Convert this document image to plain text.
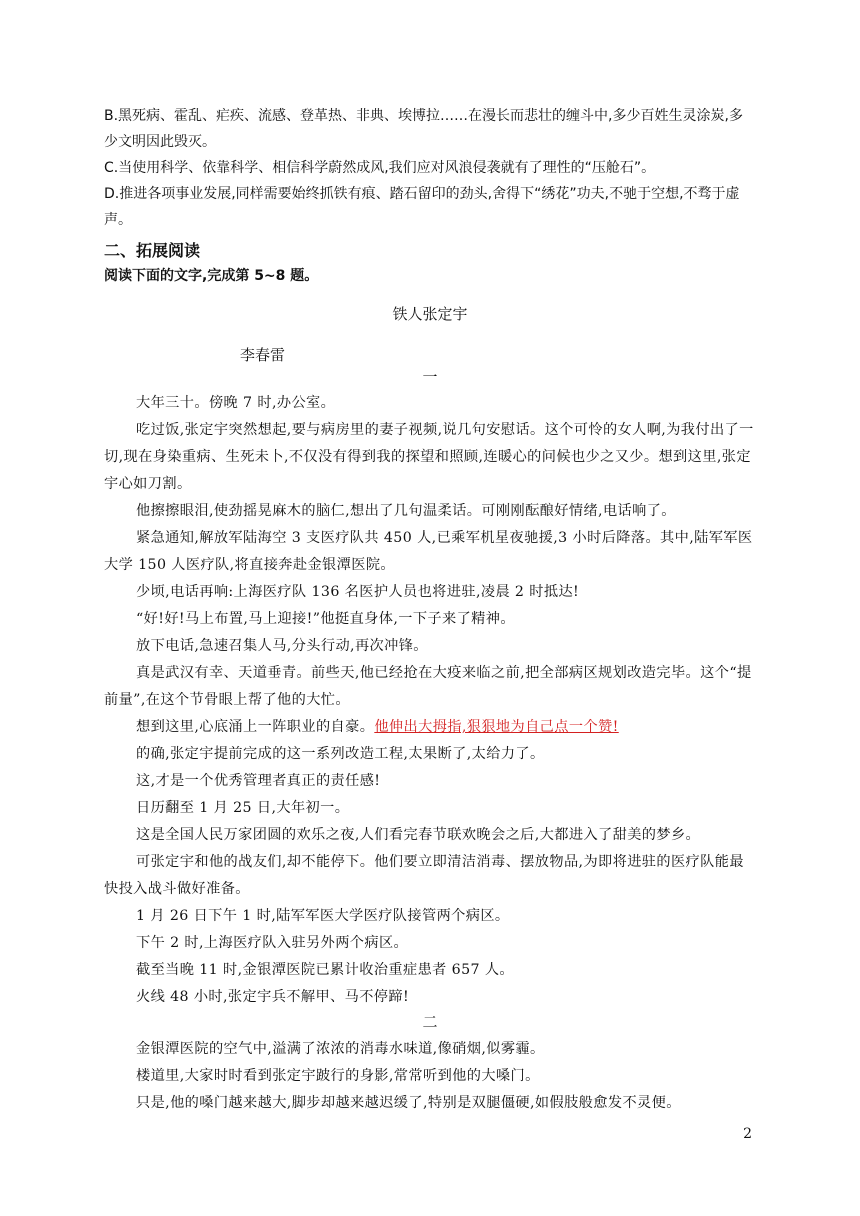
B.黑死病、霍乱、疟疾、流感、登革热、非典、埃博拉……在漫长而悲壮的缠斗中,多少百姓生灵涂炭,多少文明因此毁灭。
C.当使用科学、依靠科学、相信科学蔚然成风,我们应对风浪侵袭就有了理性的“压舱石”。
D.推进各项事业发展,同样需要始终抓铁有痕、踏石留印的劲头,舍得下“绣花”功夫,不驰于空想,不骛于虚声。
二、拓展阅读
阅读下面的文字,完成第 5~8 题。
铁人张定宇
李春雷
一
大年三十。傍晚 7 时,办公室。
吃过饭,张定宇突然想起,要与病房里的妻子视频,说几句安慰话。这个可怜的女人啊,为我付出了一切,现在身染重病、生死未卜,不仅没有得到我的探望和照顾,连暖心的问候也少之又少。想到这里,张定宇心如刀割。
他擦擦眼泪,使劲摇晃麻木的脑仁,想出了几句温柔话。可刚刚酝酿好情绪,电话响了。
紧急通知,解放军陆海空 3 支医疗队共 450 人,已乘军机星夜驰援,3 小时后降落。其中,陆军军医大学 150 人医疗队,将直接奔赴金银潭医院。
少顷,电话再响:上海医疗队 136 名医护人员也将进驻,凌晨 2 时抵达!
“好!好!马上布置,马上迎接!”他挺直身体,一下子来了精神。
放下电话,急速召集人马,分头行动,再次冲锋。
真是武汉有幸、天道垂青。前些天,他已经抢在大疫来临之前,把全部病区规划改造完毕。这个“提前量”,在这个节骨眼上帮了他的大忙。
想到这里,心底涌上一阵职业的自豪。他伸出大拇指,狠狠地为自己点一个赞!
的确,张定宇提前完成的这一系列改造工程,太果断了,太给力了。
这,才是一个优秀管理者真正的责任感!
日历翻至 1 月 25 日,大年初一。
这是全国人民万家团圆的欢乐之夜,人们看完春节联欢晚会之后,大都进入了甜美的梦乡。
可张定宇和他的战友们,却不能停下。他们要立即清洁消毒、摆放物品,为即将进驻的医疗队能最快投入战斗做好准备。
1 月 26 日下午 1 时,陆军军医大学医疗队接管两个病区。
下午 2 时,上海医疗队入驻另外两个病区。
截至当晚 11 时,金银潭医院已累计收治重症患者 657 人。
火线 48 小时,张定宇兵不解甲、马不停蹄!
二
金银潭医院的空气中,溢满了浓浓的消毒水味道,像硝烟,似雾霾。
楼道里,大家时时看到张定宇跛行的身影,常常听到他的大嗓门。
只是,他的嗓门越来越大,脚步却越来越迟缓了,特别是双腿僵硬,如假肢般愈发不灵便。
2
